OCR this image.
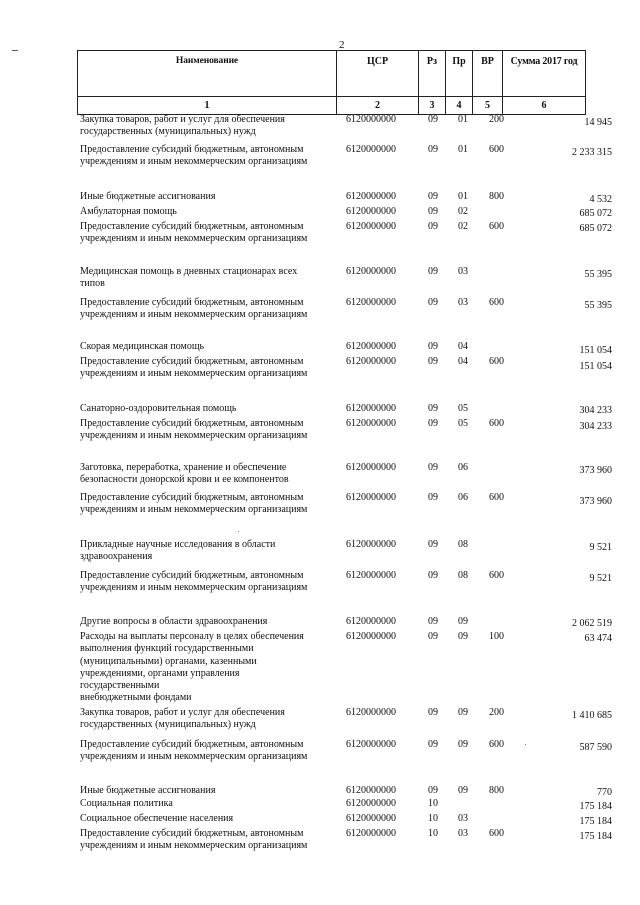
2
Наименование	ЦСР	Рз	Пр	ВР	Сумма 2017 год
1	2	3	4	5	6
Закупка товаров, работ и услуг для обеспечения
государственных (муниципальных) нужд
6120000000	09 01 200	14 945
Предоставление субсидий бюджетным, автономным
учреждениям и иным некоммерческим организациям
6120000000	09 01 600	2 233 315
Иные бюджетные ассигнования	6120000000	09 01 800	4 532
Амбулаторная помощь	6120000000	09 02	685 072
Предоставление субсидий бюджетным, автономным
учреждениям и иным некоммерческим организациям
6120000000	09 02 600	685 072
Медицинская помощь в дневных стационарах всех
типов
6120000000	09 03	55 395
Предоставление субсидий бюджетным, автономным
учреждениям и иным некоммерческим организациям
6120000000	09 03 600	55 395
Скорая медицинская помощь	6120000000	09 04	151 054
Предоставление субсидий бюджетным, автономным
учреждениям и иным некоммерческим организациям
6120000000	09 04 600	151 054
Санаторно-оздоровительная помощь	6120000000	09 05	304 233
Предоставление субсидий бюджетным, автономным
учреждениям и иным некоммерческим организациям
6120000000	09 05 600	304 233
Заготовка, переработка, хранение и обеспечение
безопасности донорской крови и ее компонентов
6120000000	09 06	373 960
Предоставление субсидий бюджетным, автономным
учреждениям и иным некоммерческим организациям
6120000000	09 06 600	373 960
Прикладные научные исследования в области
здравоохранения
6120000000	09 08	9 521
Предоставление субсидий бюджетным, автономным
учреждениям и иным некоммерческим организациям
6120000000	09 08 600	9 521
Другие вопросы в области здравоохранения	6120000000	09 09	2 062 519
Расходы на выплаты персоналу в целях обеспечения
выполнения функций государственными
(муниципальными) органами, казенными
учреждениями, органами управления государственными
внебюджетными фондами
6120000000	09 09 100	63 474
Закупка товаров, работ и услуг для обеспечения
государственных (муниципальных) нужд
6120000000	09 09 200	1 410 685
Предоставление субсидий бюджетным, автономным
учреждениям и иным некоммерческим организациям
6120000000	09 09 600	587 590
Иные бюджетные ассигнования	6120000000	09 09 800	770
Социальная политика	6120000000	10	175 184
Социальное обеспечение населения	6120000000	10 03	175 184
Предоставление субсидий бюджетным, автономным
учреждениям и иным некоммерческим организациям
6120000000	10 03 600	175 184
